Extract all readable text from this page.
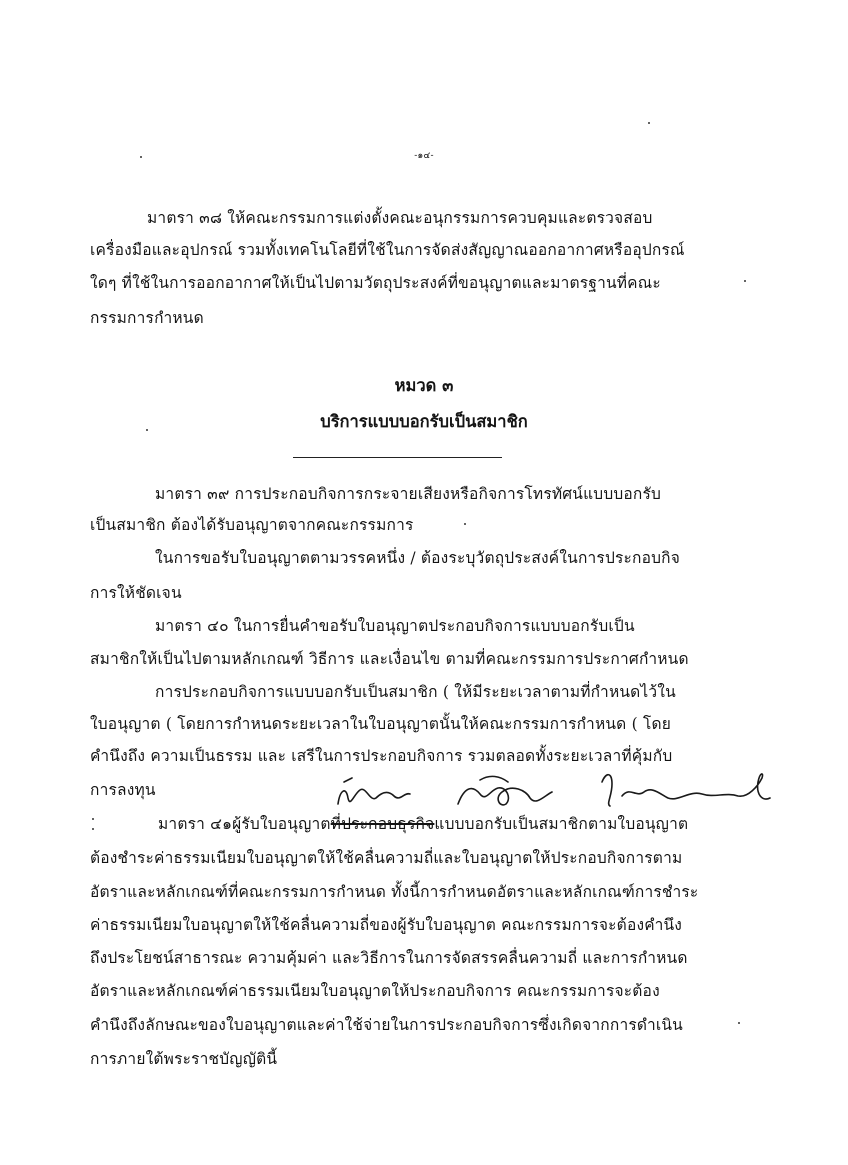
-๑๔-
มาตรา ๓๘ ให้คณะกรรมการแต่งตั้งคณะอนุกรรมการควบคุมและตรวจสอบ
เครื่องมือและอุปกรณ์ รวมทั้งเทคโนโลยีที่ใช้ในการจัดส่งสัญญาณออกอากาศหรืออุปกรณ์
ใดๆ ที่ใช้ในการออกอากาศให้เป็นไปตามวัตถุประสงค์ที่ขอนุญาตและมาตรฐานที่คณะ
กรรมการกำหนด
หมวด ๓
บริการแบบบอกรับเป็นสมาชิก
มาตรา ๓๙ การประกอบกิจการกระจายเสียงหรือกิจการโทรทัศน์แบบบอกรับ
เป็นสมาชิก ต้องได้รับอนุญาตจากคณะกรรมการ
ในการขอรับใบอนุญาตตามวรรคหนึ่ง / ต้องระบุวัตถุประสงค์ในการประกอบกิจ
การให้ชัดเจน
มาตรา ๔๐ ในการยื่นคำขอรับใบอนุญาตประกอบกิจการแบบบอกรับเป็น
สมาชิกให้เป็นไปตามหลักเกณฑ์ วิธีการ และเงื่อนไข ตามที่คณะกรรมการประกาศกำหนด
การประกอบกิจการแบบบอกรับเป็นสมาชิก ( ให้มีระยะเวลาตามที่กำหนดไว้ใน
ใบอนุญาต ( โดยการกำหนดระยะเวลาในใบอนุญาตนั้นให้คณะกรรมการกำหนด ( โดย
คำนึงถึง ความเป็นธรรม และ เสรีในการประกอบกิจการ รวมตลอดทั้งระยะเวลาที่คุ้มกับ
การลงทุน
มาตรา ๔๑ผู้รับใบอนุญาตที่ประกอบธุรกิจแบบบอกรับเป็นสมาชิกตามใบอนุญาต
ต้องชำระค่าธรรมเนียมใบอนุญาตให้ใช้คลื่นความถี่และใบอนุญาตให้ประกอบกิจการตาม
อัตราและหลักเกณฑ์ที่คณะกรรมการกำหนด ทั้งนี้การกำหนดอัตราและหลักเกณฑ์การชำระ
ค่าธรรมเนียมใบอนุญาตให้ใช้คลื่นความถี่ของผู้รับใบอนุญาต คณะกรรมการจะต้องคำนึง
ถึงประโยชน์สาธารณะ ความคุ้มค่า และวิธีการในการจัดสรรคลื่นความถี่ และการกำหนด
อัตราและหลักเกณฑ์ค่าธรรมเนียมใบอนุญาตให้ประกอบกิจการ คณะกรรมการจะต้อง
คำนึงถึงลักษณะของใบอนุญาตและค่าใช้จ่ายในการประกอบกิจการซึ่งเกิดจากการดำเนิน
การภายใต้พระราชบัญญัตินี้
